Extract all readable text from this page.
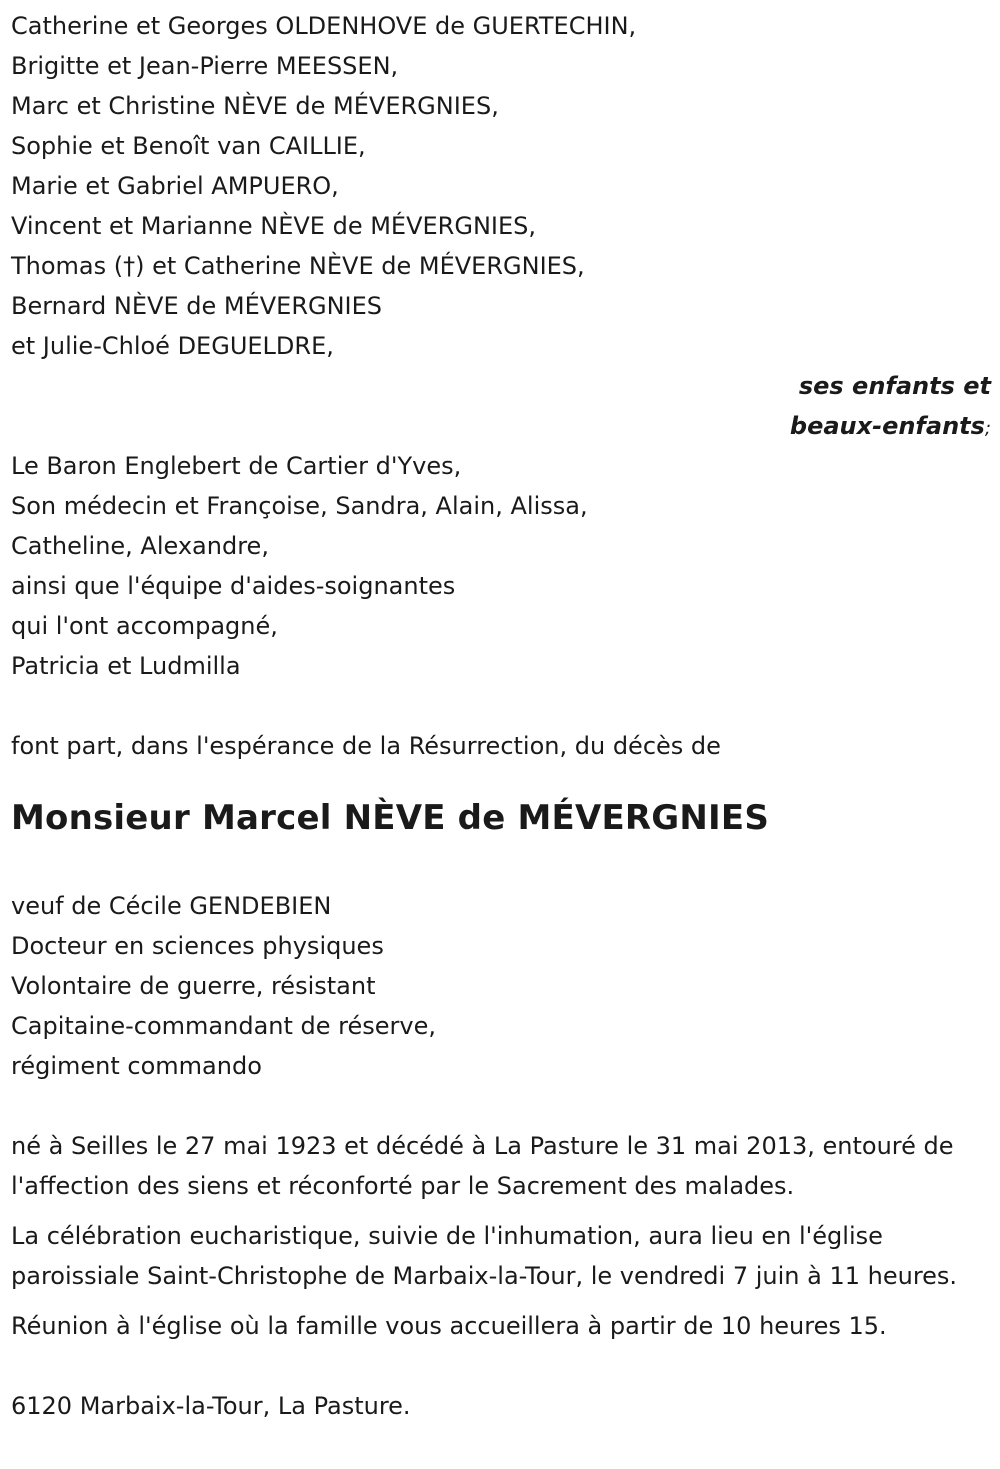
Catherine et Georges OLDENHOVE de GUERTECHIN,
Brigitte et Jean-Pierre MEESSEN,
Marc et Christine NÈVE de MÉVERGNIES,
Sophie et Benoît van CAILLIE,
Marie et Gabriel AMPUERO,
Vincent et Marianne NÈVE de MÉVERGNIES,
Thomas (†) et Catherine NÈVE de MÉVERGNIES,
Bernard NÈVE de MÉVERGNIES
et Julie-Chloé DEGUELDRE,
ses enfants et
beaux-enfants;
Le Baron Englebert de Cartier d'Yves,
Son médecin et Françoise, Sandra, Alain, Alissa,
Catheline, Alexandre,
ainsi que l'équipe d'aides-soignantes
qui l'ont accompagné,
Patricia et Ludmilla
font part, dans l'espérance de la Résurrection, du décès de
Monsieur Marcel NÈVE de MÉVERGNIES
veuf de Cécile GENDEBIEN
Docteur en sciences physiques
Volontaire de guerre, résistant
Capitaine-commandant de réserve,
régiment commando
né à Seilles le 27 mai 1923 et décédé à La Pasture le 31 mai 2013, entouré de l'affection des siens et réconforté par le Sacrement des malades.
La célébration eucharistique, suivie de l'inhumation, aura lieu en l'église paroissiale Saint-Christophe de Marbaix-la-Tour, le vendredi 7 juin à 11 heures.
Réunion à l'église où la famille vous accueillera à partir de 10 heures 15.
6120 Marbaix-la-Tour, La Pasture.
